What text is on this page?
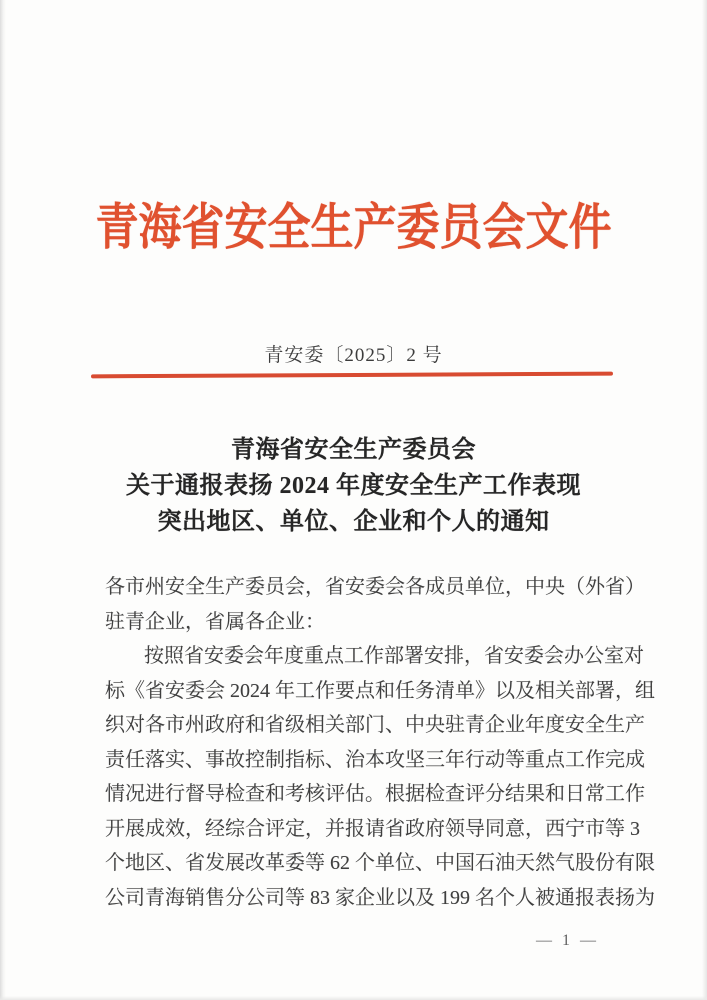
青海省安全生产委员会文件
青安委〔2025〕2 号

青海省安全生产委员会

关于通报表扬 2024 年度安全生产工作表现

突出地区、单位、企业和个人的通知

各市州安全生产委员会，省安委会各成员单位，中央（外省）

驻青企业，省属各企业：

按照省安委会年度重点工作部署安排，省安委会办公室对

标《省安委会 2024 年工作要点和任务清单》以及相关部署，组

织对各市州政府和省级相关部门、中央驻青企业年度安全生产

责任落实、事故控制指标、治本攻坚三年行动等重点工作完成

情况进行督导检查和考核评估。根据检查评分结果和日常工作

开展成效，经综合评定，并报请省政府领导同意，西宁市等 3

个地区、省发展改革委等 62 个单位、中国石油天然气股份有限

公司青海销售分公司等 83 家企业以及 199 名个人被通报表扬为

— 1 —
